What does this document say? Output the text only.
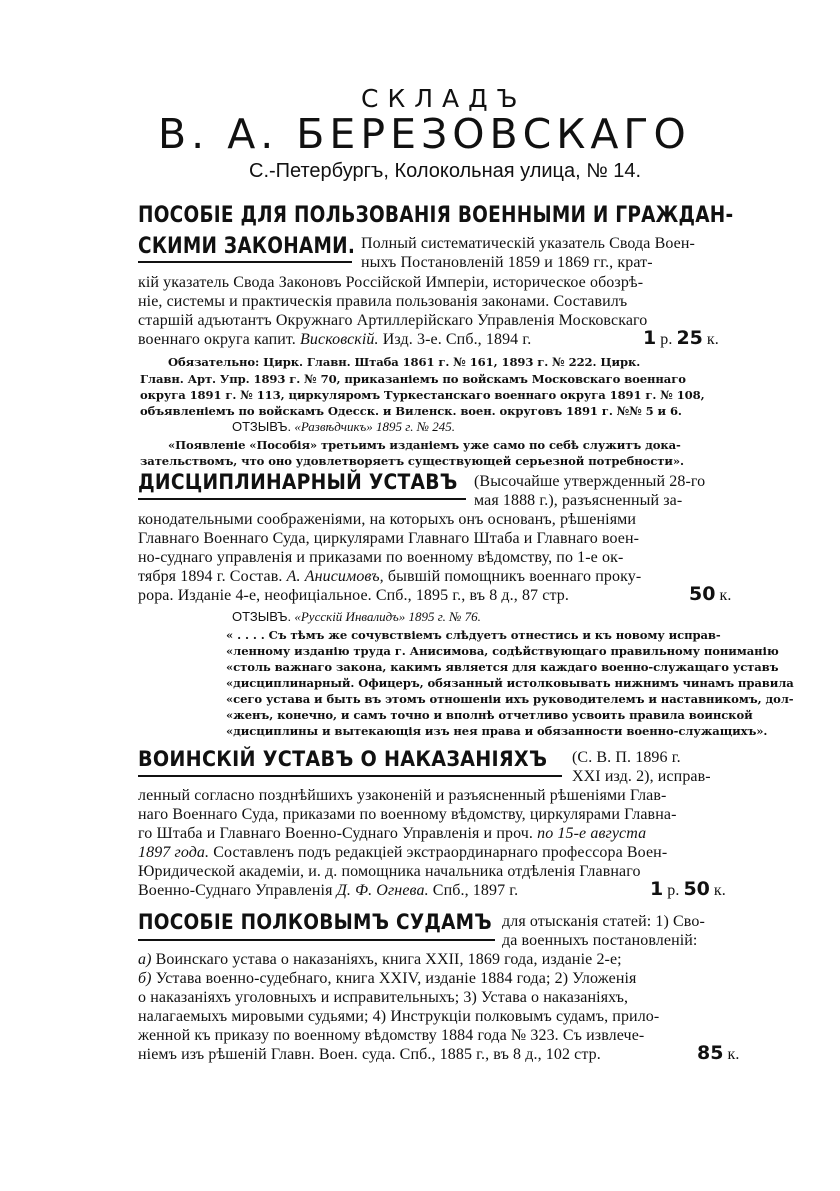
СКЛАДЪ
В. А. БЕРЕЗОВСКАГО
С.-Петербургъ, Колокольная улица, № 14.
ПОСОБІЕ ДЛЯ ПОЛЬЗОВАНІЯ ВОЕННЫМИ И ГРАЖДАН-
СКИМИ ЗАКОНАМИ. Полный систематическій указатель Свода Воен-
ныхъ Постановленій 1859 и 1869 гг., крат-
кій указатель Свода Законовъ Россійской Имперіи, историческое обозрѣ-
ніе, системы и практическія правила пользованія законами. Составилъ
старшій адъютантъ Окружнаго Артиллерійскаго Управленія Московскаго
военнаго округа капит. Висковскій. Изд. 3-е. Спб., 1894 г.	1 р. 25 к.
Обязательно: Цирк. Главн. Штаба 1861 г. № 161, 1893 г. № 222. Цирк.
Главн. Арт. Упр. 1893 г. № 70, приказаніемъ по войскамъ Московскаго военнаго
округа 1891 г. № 113, циркуляромъ Туркестанскаго военнаго округа 1891 г. № 108,
объявленіемъ по войскамъ Одесск. и Виленск. воен. округовъ 1891 г. №№ 5 и 6.
ОТЗЫВЪ. «Развѣдчикъ» 1895 г. № 245.
«Появленіе «Пособія» третьимъ изданіемъ уже само по себѣ служитъ дока-
зательствомъ, что оно удовлетворяетъ существующей серьезной потребности».
ДИСЦИПЛИНАРНЫЙ УСТАВЪ (Высочайше утвержденный 28-го
мая 1888 г.), разъясненный за-
конодательными соображеніями, на которыхъ онъ основанъ, рѣшеніями
Главнаго Военнаго Суда, циркулярами Главнаго Штаба и Главнаго воен-
но-суднаго управленія и приказами по военному вѣдомству, по 1-е ок-
тября 1894 г. Состав. А. Анисимовъ, бывшій помощникъ военнаго проку-
рора. Изданіе 4-е, неофиціальное. Спб., 1895 г., въ 8 д., 87 стр.	50 к.
ОТЗЫВЪ. «Русскій Инвалидъ» 1895 г. № 76.
« . . . . Съ тѣмъ же сочувствіемъ слѣдуетъ отнестись и къ новому исправ-
«ленному изданію труда г. Анисимова, содѣйствующаго правильному пониманію
«столь важнаго закона, какимъ является для каждаго военно-служащаго уставъ
«дисциплинарный. Офицеръ, обязанный истолковывать нижнимъ чинамъ правила
«сего устава и быть въ этомъ отношеніи ихъ руководителемъ и наставникомъ, дол-
«женъ, конечно, и самъ точно и вполнѣ отчетливо усвоить правила воинской
«дисциплины и вытекающія изъ нея права и обязанности военно-служащихъ».
ВОИНСКІЙ УСТАВЪ О НАКАЗАНІЯХЪ (С. В. П. 1896 г.
XXI изд. 2), исправ-
ленный согласно позднѣйшихъ узаконеній и разъясненный рѣшеніями Глав-
наго Военнаго Суда, приказами по военному вѣдомству, циркулярами Главна-
го Штаба и Главнаго Военно-Суднаго Управленія и проч. по 15-е августа
1897 года. Составленъ подъ редакціей экстраординарнаго профессора Воен-
Юридической академіи, и. д. помощника начальника отдѣленія Главнаго
Военно-Суднаго Управленія Д. Ф. Огнева. Спб., 1897 г.	1 р. 50 к.
ПОСОБІЕ ПОЛКОВЫМЪ СУДАМЪ для отысканія статей: 1) Сво-
да военныхъ постановленій:
а) Воинскаго устава о наказаніяхъ, книга XXII, 1869 года, изданіе 2-е;
б) Устава военно-судебнаго, книга XXIV, изданіе 1884 года; 2) Уложенія
о наказаніяхъ уголовныхъ и исправительныхъ; 3) Устава о наказаніяхъ,
налагаемыхъ мировыми судьями; 4) Инструкціи полковымъ судамъ, прило-
женной къ приказу по военному вѣдомству 1884 года № 323. Съ извлече-
ніемъ изъ рѣшеній Главн. Воен. суда. Спб., 1885 г., въ 8 д., 102 стр.	85 к.
